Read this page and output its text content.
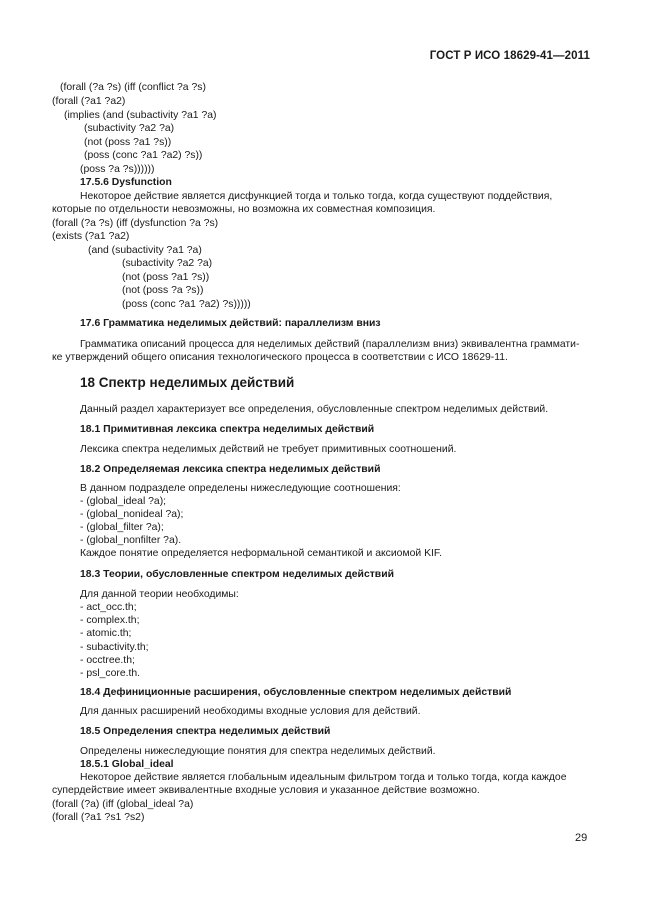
ГОСТ Р ИСО 18629-41—2011
(forall (?a ?s) (iff (conflict ?a ?s)
(forall (?a1 ?a2)
(implies (and (subactivity ?a1 ?a)
(subactivity ?a2 ?a)
(not (poss ?a1 ?s))
(poss (conc ?a1 ?a2) ?s))
(poss ?a ?s))))))
17.5.6 Dysfunction
Некоторое действие является дисфункцией тогда и только тогда, когда существуют поддействия,
которые по отдельности невозможны, но возможна их совместная композиция.
(forall (?a ?s) (iff (dysfunction ?a ?s)
(exists (?a1 ?a2)
(and (subactivity ?a1 ?a)
(subactivity ?a2 ?a)
(not (poss ?a1 ?s))
(not (poss ?a ?s))
(poss (conc ?a1 ?a2) ?s)))))
17.6 Грамматика неделимых действий: параллелизм вниз
Грамматика описаний процесса для неделимых действий (параллелизм вниз) эквивалентна граммати-
ке утверждений общего описания технологического процесса в соответствии с ИСО 18629-11.
18 Спектр неделимых действий
Данный раздел характеризует все определения, обусловленные спектром неделимых действий.
18.1 Примитивная лексика спектра неделимых действий
Лексика спектра неделимых действий не требует примитивных соотношений.
18.2 Определяемая лексика спектра неделимых действий
В данном подразделе определены нижеследующие соотношения:
- (global_ideal ?a);
- (global_nonideal ?a);
- (global_filter ?a);
- (global_nonfilter ?a).
Каждое понятие определяется неформальной семантикой и аксиомой KIF.
18.3 Теории, обусловленные спектром неделимых действий
Для данной теории необходимы:
- act_occ.th;
- complex.th;
- atomic.th;
- subactivity.th;
- occtree.th;
- psl_core.th.
18.4 Дефиниционные расширения, обусловленные спектром неделимых действий
Для данных расширений необходимы входные условия для действий.
18.5 Определения спектра неделимых действий
Определены нижеследующие понятия для спектра неделимых действий.
18.5.1 Global_ideal
Некоторое действие является глобальным идеальным фильтром тогда и только тогда, когда каждое
супердействие имеет эквивалентные входные условия и указанное действие возможно.
(forall (?a) (iff (global_ideal ?a)
(forall (?a1 ?s1 ?s2)
29
